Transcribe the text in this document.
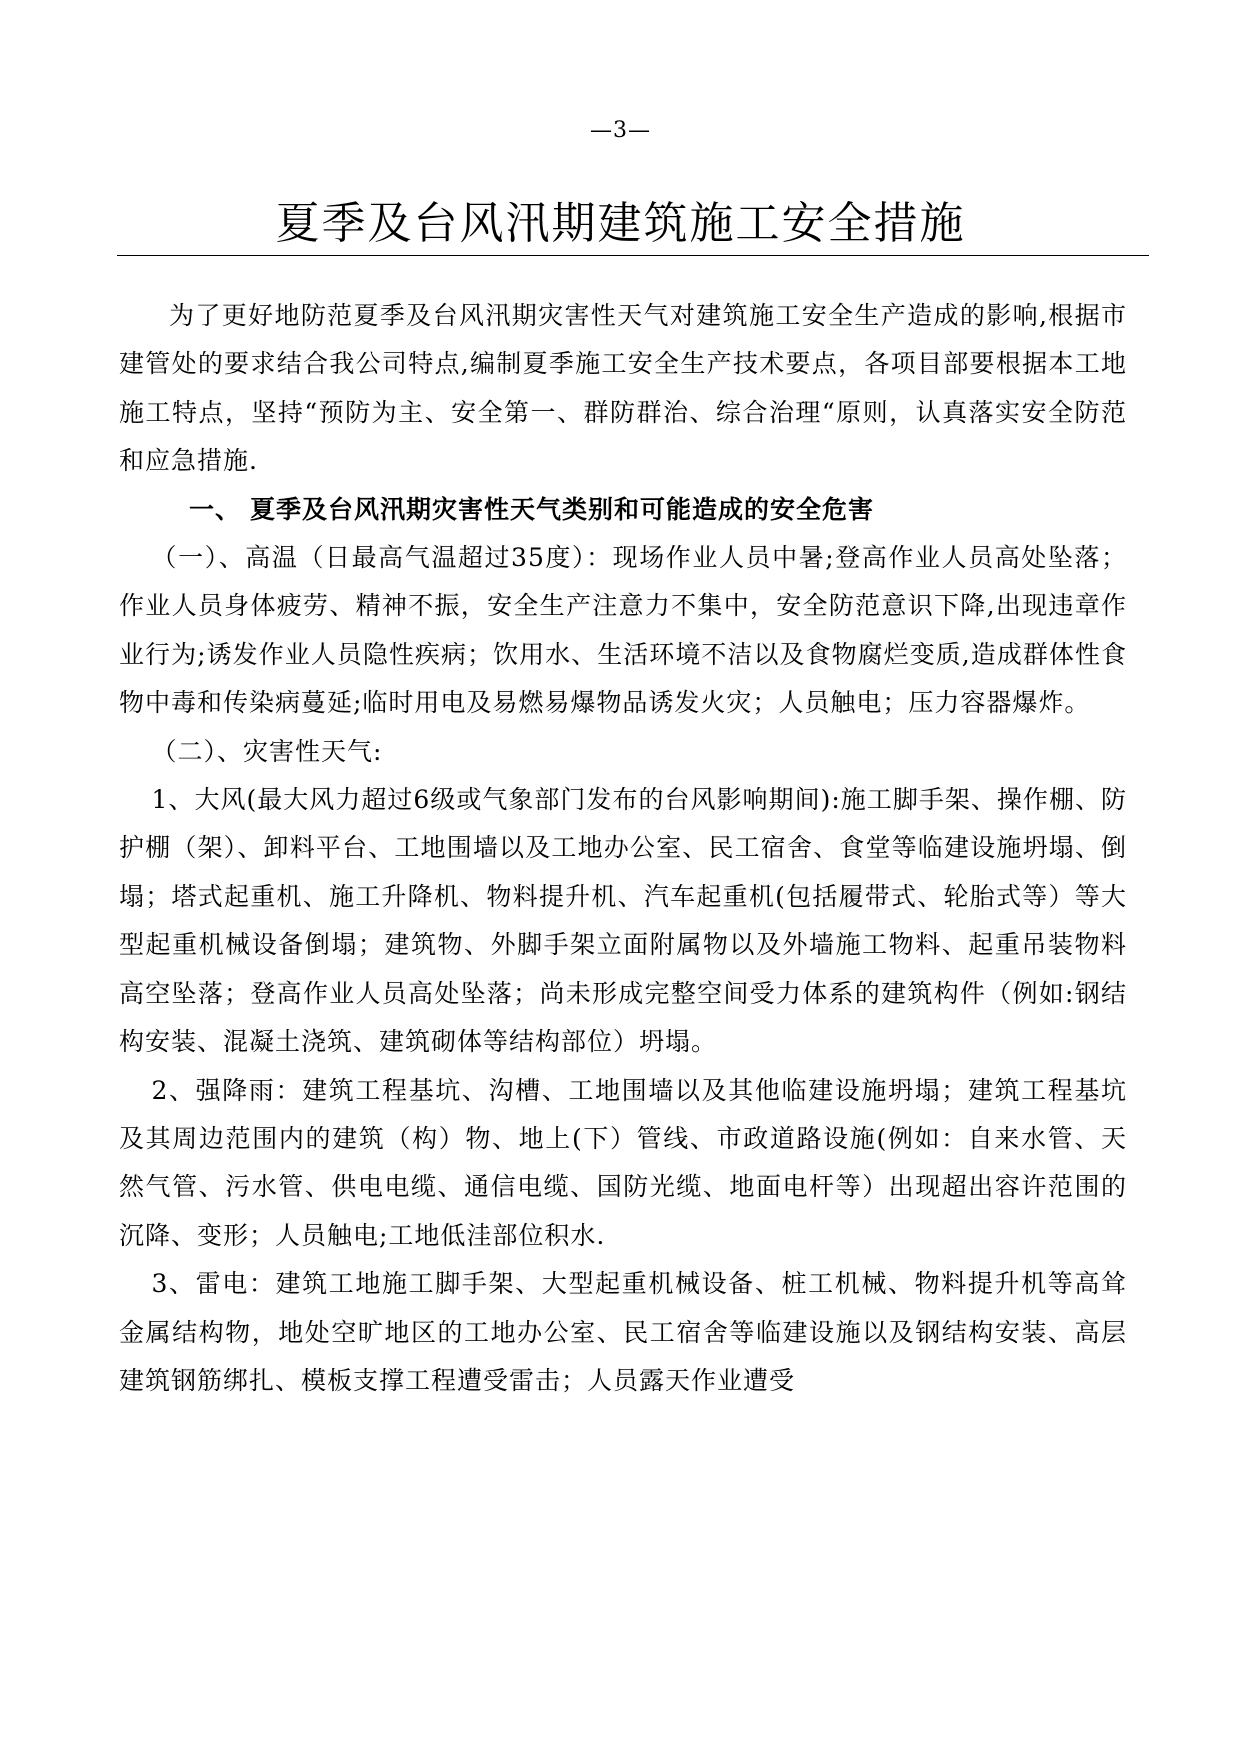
—3—
夏季及台风汛期建筑施工安全措施

为了更好地防范夏季及台风汛期灾害性天气对建筑施工安全生产造成的影响,根据市建管处的要求结合我公司特点,编制夏季施工安全生产技术要点，各项目部要根据本工地施工特点，坚持“预防为主、安全第一、群防群治、综合治理“原则，认真落实安全防范和应急措施.

一、 夏季及台风汛期灾害性天气类别和可能造成的安全危害

（一）、高温（日最高气温超过35度）：现场作业人员中暑;登高作业人员高处坠落；作业人员身体疲劳、精神不振，安全生产注意力不集中，安全防范意识下降,出现违章作业行为;诱发作业人员隐性疾病；饮用水、生活环境不洁以及食物腐烂变质,造成群体性食物中毒和传染病蔓延;临时用电及易燃易爆物品诱发火灾；人员触电；压力容器爆炸。

（二）、灾害性天气:

1、大风(最大风力超过6级或气象部门发布的台风影响期间):施工脚手架、操作棚、防护棚（架）、卸料平台、工地围墙以及工地办公室、民工宿舍、食堂等临建设施坍塌、倒塌；塔式起重机、施工升降机、物料提升机、汽车起重机(包括履带式、轮胎式等）等大型起重机械设备倒塌；建筑物、外脚手架立面附属物以及外墙施工物料、起重吊装物料高空坠落；登高作业人员高处坠落；尚未形成完整空间受力体系的建筑构件（例如:钢结构安装、混凝土浇筑、建筑砌体等结构部位）坍塌。

2、强降雨：建筑工程基坑、沟槽、工地围墙以及其他临建设施坍塌；建筑工程基坑及其周边范围内的建筑（构）物、地上(下）管线、市政道路设施(例如：自来水管、天然气管、污水管、供电电缆、通信电缆、国防光缆、地面电杆等）出现超出容许范围的沉降、变形；人员触电;工地低洼部位积水.

3、雷电：建筑工地施工脚手架、大型起重机械设备、桩工机械、物料提升机等高耸金属结构物，地处空旷地区的工地办公室、民工宿舍等临建设施以及钢结构安装、高层建筑钢筋绑扎、模板支撑工程遭受雷击；人员露天作业遭受
